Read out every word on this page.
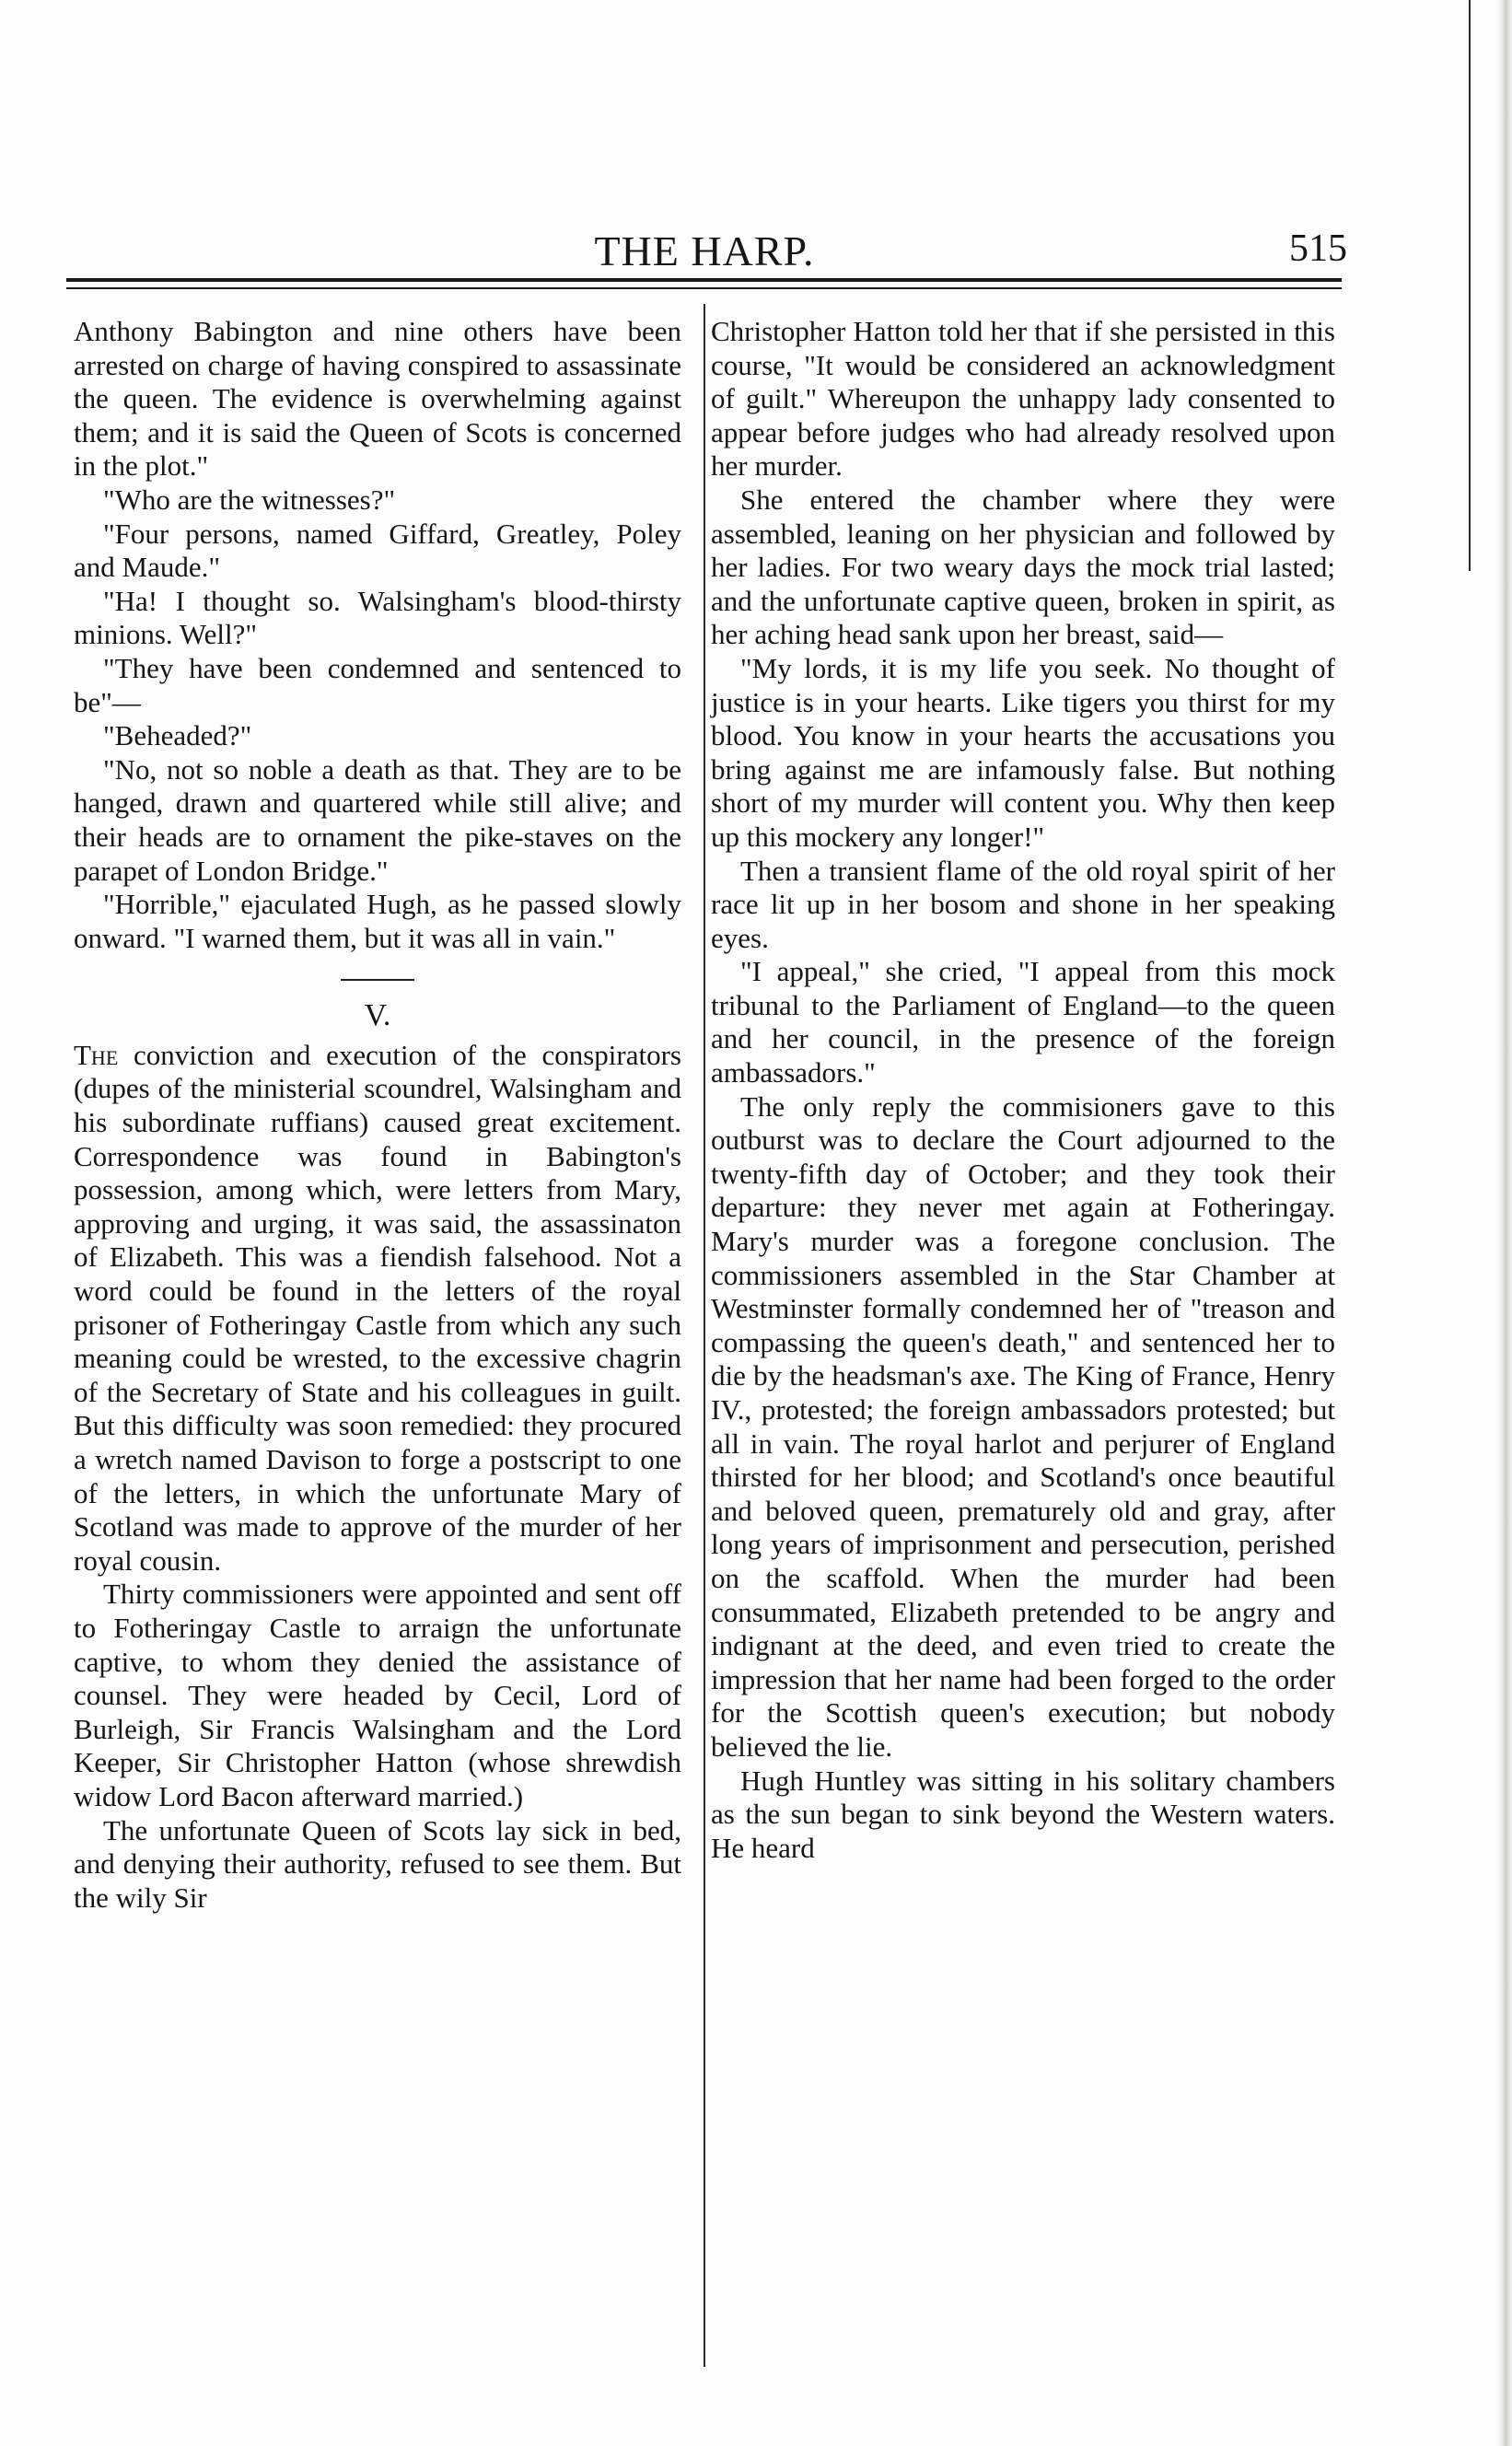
THE HARP.	515

Anthony Babington and nine others have been arrested on charge of having conspired to assassinate the queen. The evidence is overwhelming against them; and it is said the Queen of Scots is concerned in the plot."

"Who are the witnesses?"

"Four persons, named Giffard, Greatley, Poley and Maude."

"Ha! I thought so. Walsingham's blood-thirsty minions. Well?"

"They have been condemned and sentenced to be"—

"Beheaded?"

"No, not so noble a death as that. They are to be hanged, drawn and quartered while still alive; and their heads are to ornament the pike-staves on the parapet of London Bridge."

"Horrible," ejaculated Hugh, as he passed slowly onward. "I warned them, but it was all in vain."

V.

The conviction and execution of the conspirators (dupes of the ministerial scoundrel, Walsingham and his subordinate ruffians) caused great excitement. Correspondence was found in Babington's possession, among which, were letters from Mary, approving and urging, it was said, the assassinaton of Elizabeth. This was a fiendish falsehood. Not a word could be found in the letters of the royal prisoner of Fotheringay Castle from which any such meaning could be wrested, to the excessive chagrin of the Secretary of State and his colleagues in guilt. But this difficulty was soon remedied: they procured a wretch named Davison to forge a postscript to one of the letters, in which the unfortunate Mary of Scotland was made to approve of the murder of her royal cousin.

Thirty commissioners were appointed and sent off to Fotheringay Castle to arraign the unfortunate captive, to whom they denied the assistance of counsel. They were headed by Cecil, Lord of Burleigh, Sir Francis Walsingham and the Lord Keeper, Sir Christopher Hatton (whose shrewdish widow Lord Bacon afterward married.)

The unfortunate Queen of Scots lay sick in bed, and denying their authority, refused to see them. But the wily Sir

Christopher Hatton told her that if she persisted in this course, "It would be considered an acknowledgment of guilt." Whereupon the unhappy lady consented to appear before judges who had already resolved upon her murder.

She entered the chamber where they were assembled, leaning on her physician and followed by her ladies. For two weary days the mock trial lasted; and the unfortunate captive queen, broken in spirit, as her aching head sank upon her breast, said—

"My lords, it is my life you seek. No thought of justice is in your hearts. Like tigers you thirst for my blood. You know in your hearts the accusations you bring against me are infamously false. But nothing short of my murder will content you. Why then keep up this mockery any longer!"

Then a transient flame of the old royal spirit of her race lit up in her bosom and shone in her speaking eyes.

"I appeal," she cried, "I appeal from this mock tribunal to the Parliament of England—to the queen and her council, in the presence of the foreign ambassadors."

The only reply the commisioners gave to this outburst was to declare the Court adjourned to the twenty-fifth day of October; and they took their departure: they never met again at Fotheringay. Mary's murder was a foregone conclusion. The commissioners assembled in the Star Chamber at Westminster formally condemned her of "treason and compassing the queen's death," and sentenced her to die by the headsman's axe. The King of France, Henry IV., protested; the foreign ambassadors protested; but all in vain. The royal harlot and perjurer of England thirsted for her blood; and Scotland's once beautiful and beloved queen, prematurely old and gray, after long years of imprisonment and persecution, perished on the scaffold. When the murder had been consummated, Elizabeth pretended to be angry and indignant at the deed, and even tried to create the impression that her name had been forged to the order for the Scottish queen's execution; but nobody believed the lie.

Hugh Huntley was sitting in his solitary chambers as the sun began to sink beyond the Western waters. He heard
